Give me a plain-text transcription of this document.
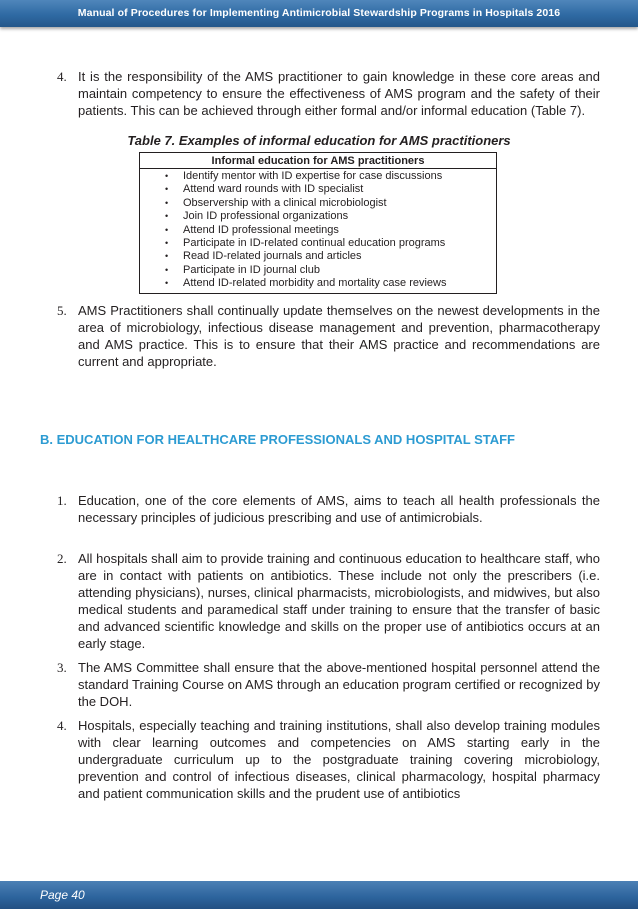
Manual of Procedures for Implementing Antimicrobial Stewardship Programs in Hospitals 2016
4. It is the responsibility of the AMS practitioner to gain knowledge in these core areas and maintain competency to ensure the effectiveness of AMS program and the safety of their patients. This can be achieved through either formal and/or informal education (Table 7).
Table 7. Examples of informal education for AMS practitioners
Informal education for AMS practitioners

• Identify mentor with ID expertise for case discussions
• Attend ward rounds with ID specialist
• Observership with a clinical microbiologist
• Join ID professional organizations
• Attend ID professional meetings
• Participate in ID-related continual education programs
• Read ID-related journals and articles
• Participate in ID journal club
• Attend ID-related morbidity and mortality case reviews
5. AMS Practitioners shall continually update themselves on the newest developments in the area of microbiology, infectious disease management and prevention, pharmacotherapy and AMS practice. This is to ensure that their AMS practice and recommendations are current and appropriate.
B. EDUCATION FOR HEALTHCARE PROFESSIONALS AND HOSPITAL STAFF
1. Education, one of the core elements of AMS, aims to teach all health professionals the necessary principles of judicious prescribing and use of antimicrobials.
2. All hospitals shall aim to provide training and continuous education to healthcare staff, who are in contact with patients on antibiotics. These include not only the prescribers (i.e. attending physicians), nurses, clinical pharmacists, microbiologists, and midwives, but also medical students and paramedical staff under training to ensure that the transfer of basic and advanced scientific knowledge and skills on the proper use of antibiotics occurs at an early stage.
3. The AMS Committee shall ensure that the above-mentioned hospital personnel attend the standard Training Course on AMS through an education program certified or recognized by the DOH.
4. Hospitals, especially teaching and training institutions, shall also develop training modules with clear learning outcomes and competencies on AMS starting early in the undergraduate curriculum up to the postgraduate training covering microbiology, prevention and control of infectious diseases, clinical pharmacology, hospital pharmacy and patient communication skills and the prudent use of antibiotics
Page 40
